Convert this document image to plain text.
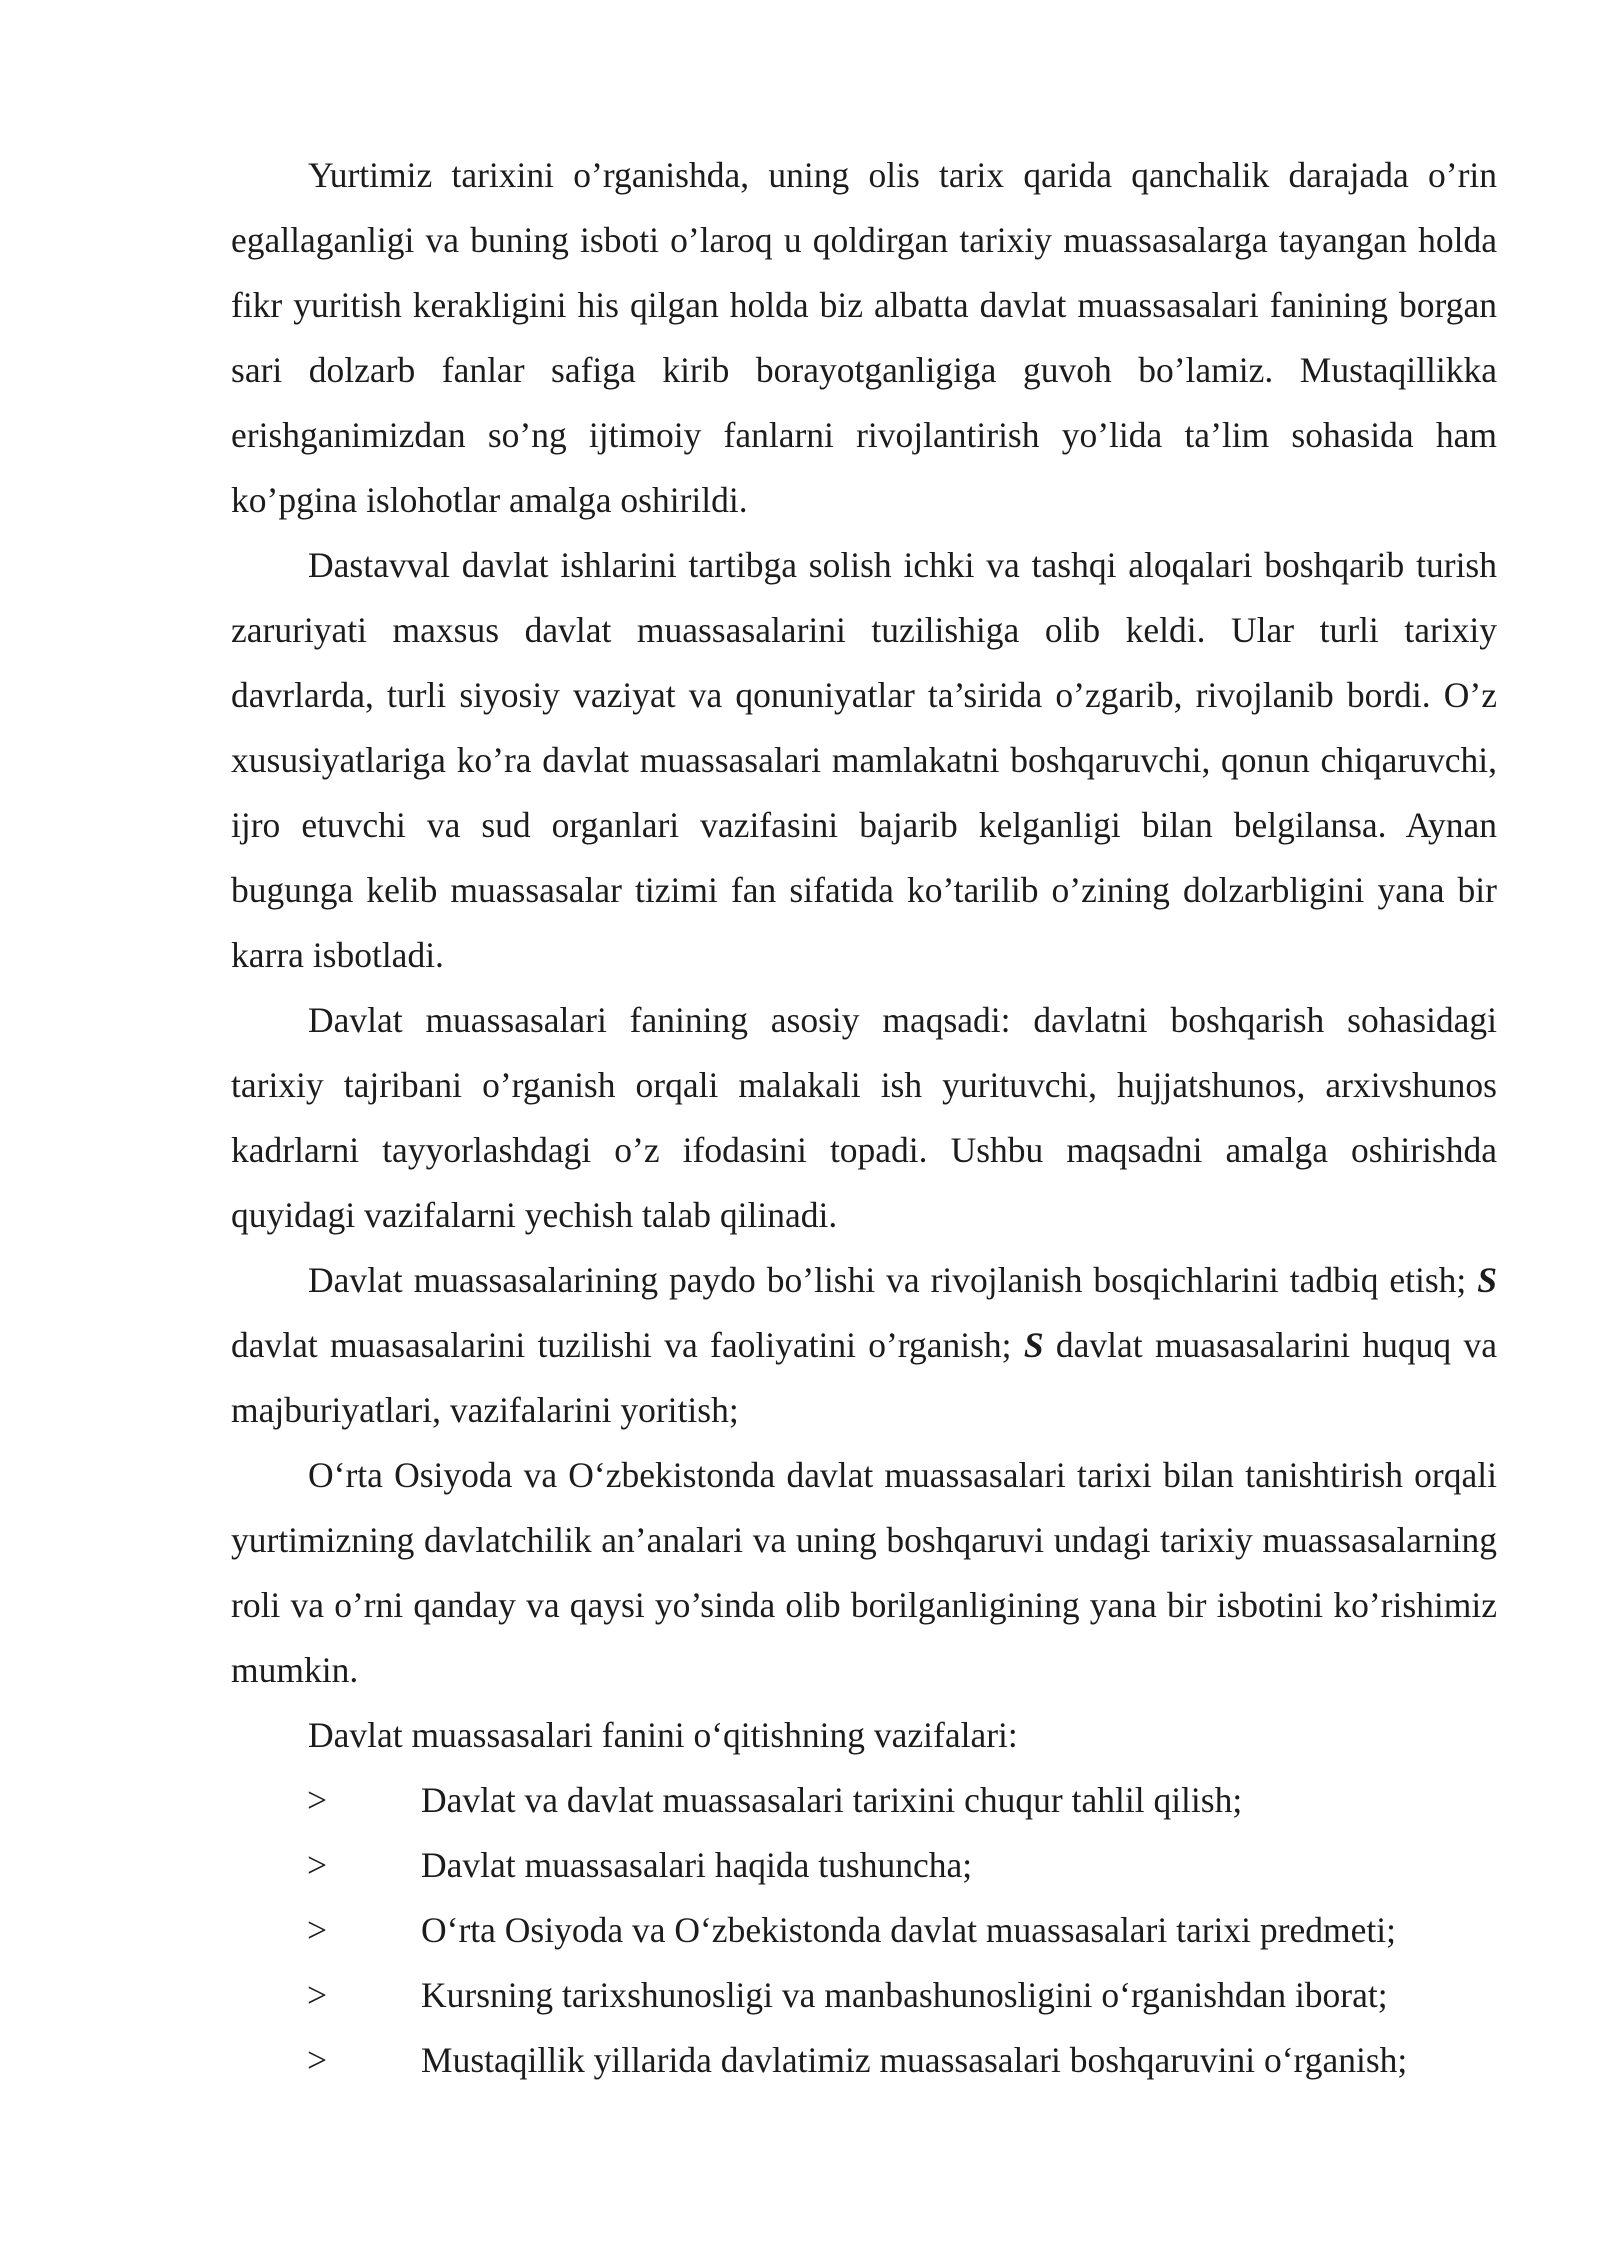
Yurtimiz tarixini o’rganishda, uning olis tarix qarida qanchalik darajada o’rin egallaganligi va buning isboti o’laroq u qoldirgan tarixiy muassasalarga tayangan holda fikr yuritish kerakligini his qilgan holda biz albatta davlat muassasalari fanining borgan sari dolzarb fanlar safiga kirib borayotganligiga guvoh bo’lamiz. Mustaqillikka erishganimizdan so’ng ijtimoiy fanlarni rivojlantirish yo’lida ta’lim sohasida ham ko’pgina islohotlar amalga oshirildi.

Dastavval davlat ishlarini tartibga solish ichki va tashqi aloqalari boshqarib turish zaruriyati maxsus davlat muassasalarini tuzilishiga olib keldi. Ular turli tarixiy davrlarda, turli siyosiy vaziyat va qonuniyatlar ta’sirida o’zgarib, rivojlanib bordi. O’z xususiyatlariga ko’ra davlat muassasalari mamlakatni boshqaruvchi, qonun chiqaruvchi, ijro etuvchi va sud organlari vazifasini bajarib kelganligi bilan belgilansa. Aynan bugunga kelib muassasalar tizimi fan sifatida ko’tarilib o’zining dolzarbligini yana bir karra isbotladi.

Davlat muassasalari fanining asosiy maqsadi: davlatni boshqarish sohasidagi tarixiy tajribani o’rganish orqali malakali ish yurituvchi, hujjatshunos, arxivshunos kadrlarni tayyorlashdagi o’z ifodasini topadi. Ushbu maqsadni amalga oshirishda quyidagi vazifalarni yechish talab qilinadi.

Davlat muassasalarining paydo bo’lishi va rivojlanish bosqichlarini tadbiq etish; S davlat muasasalarini tuzilishi va faoliyatini o’rganish; S davlat muasasalarini huquq va majburiyatlari, vazifalarini yoritish;

O‘rta Osiyoda va O‘zbekistonda davlat muassasalari tarixi bilan tanishtirish orqali yurtimizning davlatchilik an’analari va uning boshqaruvi undagi tarixiy muassasalarning roli va o’rni qanday va qaysi yo’sinda olib borilganligining yana bir isbotini ko’rishimiz mumkin.

Davlat muassasalari fanini o‘qitishning vazifalari:

>	Davlat va davlat muassasalari tarixini chuqur tahlil qilish;
>	Davlat muassasalari haqida tushuncha;
>	O‘rta Osiyoda va O‘zbekistonda davlat muassasalari tarixi predmeti;
>	Kursning tarixshunosligi va manbashunosligini o‘rganishdan iborat;
>	Mustaqillik yillarida davlatimiz muassasalari boshqaruvini o‘rganish;
